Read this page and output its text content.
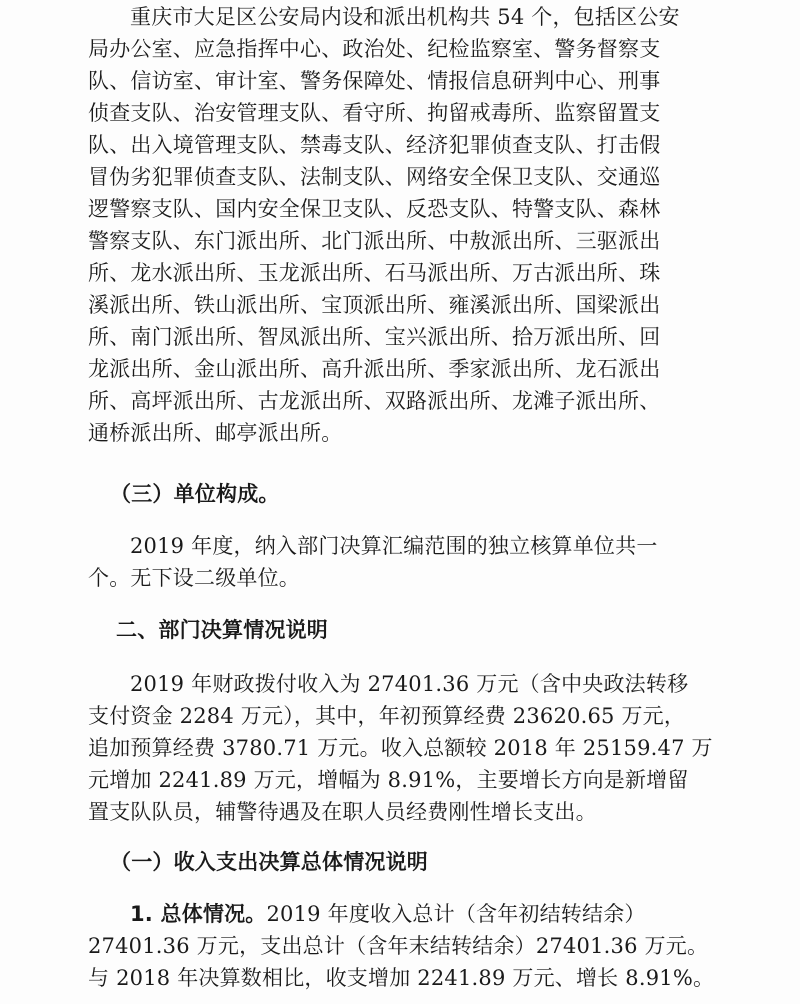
重庆市大足区公安局内设和派出机构共 54 个，包括区公安
局办公室、应急指挥中心、政治处、纪检监察室、警务督察支
队、信访室、审计室、警务保障处、情报信息研判中心、刑事
侦查支队、治安管理支队、看守所、拘留戒毒所、监察留置支
队、出入境管理支队、禁毒支队、经济犯罪侦查支队、打击假
冒伪劣犯罪侦查支队、法制支队、网络安全保卫支队、交通巡
逻警察支队、国内安全保卫支队、反恐支队、特警支队、森林
警察支队、东门派出所、北门派出所、中敖派出所、三驱派出
所、龙水派出所、玉龙派出所、石马派出所、万古派出所、珠
溪派出所、铁山派出所、宝顶派出所、雍溪派出所、国梁派出
所、南门派出所、智凤派出所、宝兴派出所、拾万派出所、回
龙派出所、金山派出所、高升派出所、季家派出所、龙石派出
所、高坪派出所、古龙派出所、双路派出所、龙滩子派出所、
通桥派出所、邮亭派出所。
（三）单位构成。
2019 年度，纳入部门决算汇编范围的独立核算单位共一
个。无下设二级单位。
二、部门决算情况说明
2019 年财政拨付收入为 27401.36 万元（含中央政法转移
支付资金 2284 万元），其中，年初预算经费 23620.65 万元，
追加预算经费 3780.71 万元。收入总额较 2018 年 25159.47 万
元增加 2241.89 万元，增幅为 8.91%，主要增长方向是新增留
置支队队员，辅警待遇及在职人员经费刚性增长支出。
（一）收入支出决算总体情况说明
1. 总体情况。2019 年度收入总计（含年初结转结余）
27401.36 万元，支出总计（含年末结转结余）27401.36 万元。
与 2018 年决算数相比，收支增加 2241.89 万元、增长 8.91%。
